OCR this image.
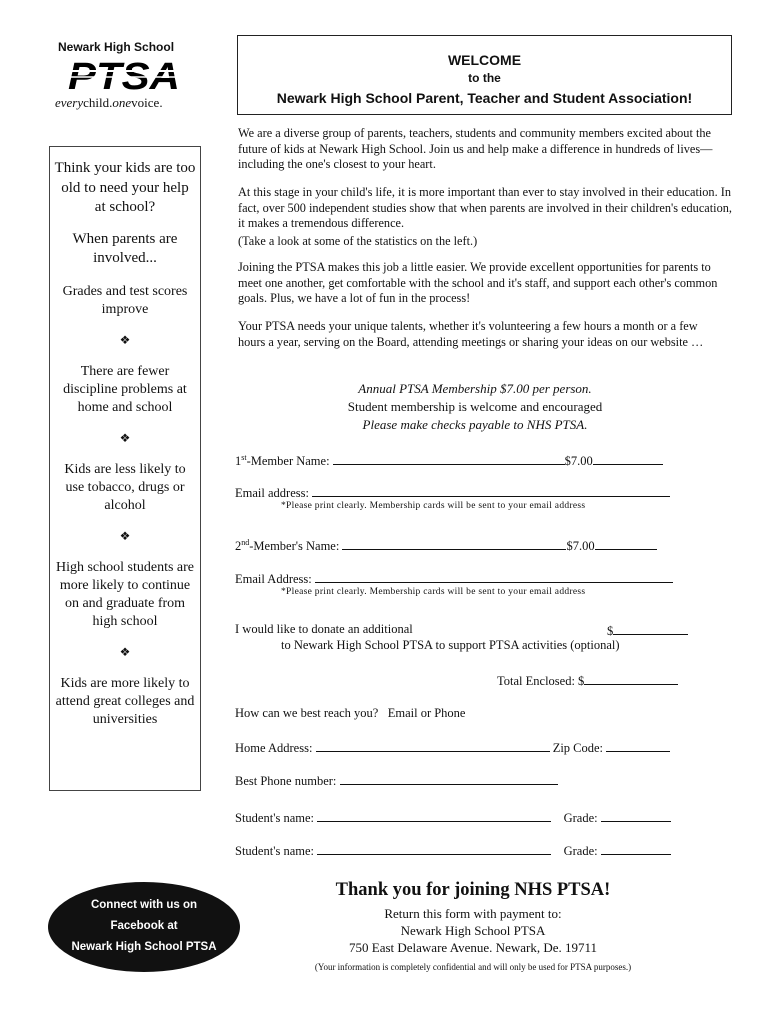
Newark High School
PTSA
everychild.onevoice.
WELCOME
to the
Newark High School Parent, Teacher and Student Association!
Think your kids are too old to need your help at school?
When parents are involved...
Grades and test scores improve
❖
There are fewer discipline problems at home and school
❖
Kids are less likely to use tobacco, drugs or alcohol
❖
High school students are more likely to continue on and graduate from high school
❖
Kids are more likely to attend great colleges and universities
We are a diverse group of parents, teachers, students and community members excited about the future of kids at Newark High School. Join us and help make a difference in hundreds of lives—including the one's closest to your heart.
At this stage in your child's life, it is more important than ever to stay involved in their education. In fact, over 500 independent studies show that when parents are involved in their children's education, it makes a tremendous difference.
(Take a look at some of the statistics on the left.)
Joining the PTSA makes this job a little easier. We provide excellent opportunities for parents to meet one another, get comfortable with the school and it's staff, and support each other's common goals. Plus, we have a lot of fun in the process!
Your PTSA needs your unique talents, whether it's volunteering a few hours a month or a few hours a year, serving on the Board, attending meetings or sharing your ideas on our website …
Annual PTSA Membership $7.00 per person.
Student membership is welcome and encouraged
Please make checks payable to NHS PTSA.
1st-Member Name:	$7.00
Email address:
*Please print clearly. Membership cards will be sent to your email address
2nd-Member's Name:	$7.00
Email Address:
*Please print clearly. Membership cards will be sent to your email address
I would like to donate an additional	$
to Newark High School PTSA to support PTSA activities (optional)
Total Enclosed: $
How can we best reach you? Email or Phone
Home Address:	Zip Code:
Best Phone number:
Student's name:	Grade:
Student's name:	Grade:
Connect with us on
Facebook at
Newark High School PTSA
Thank you for joining NHS PTSA!
Return this form with payment to:
Newark High School PTSA
750 East Delaware Avenue. Newark, De. 19711
(Your information is completely confidential and will only be used for PTSA purposes.)
